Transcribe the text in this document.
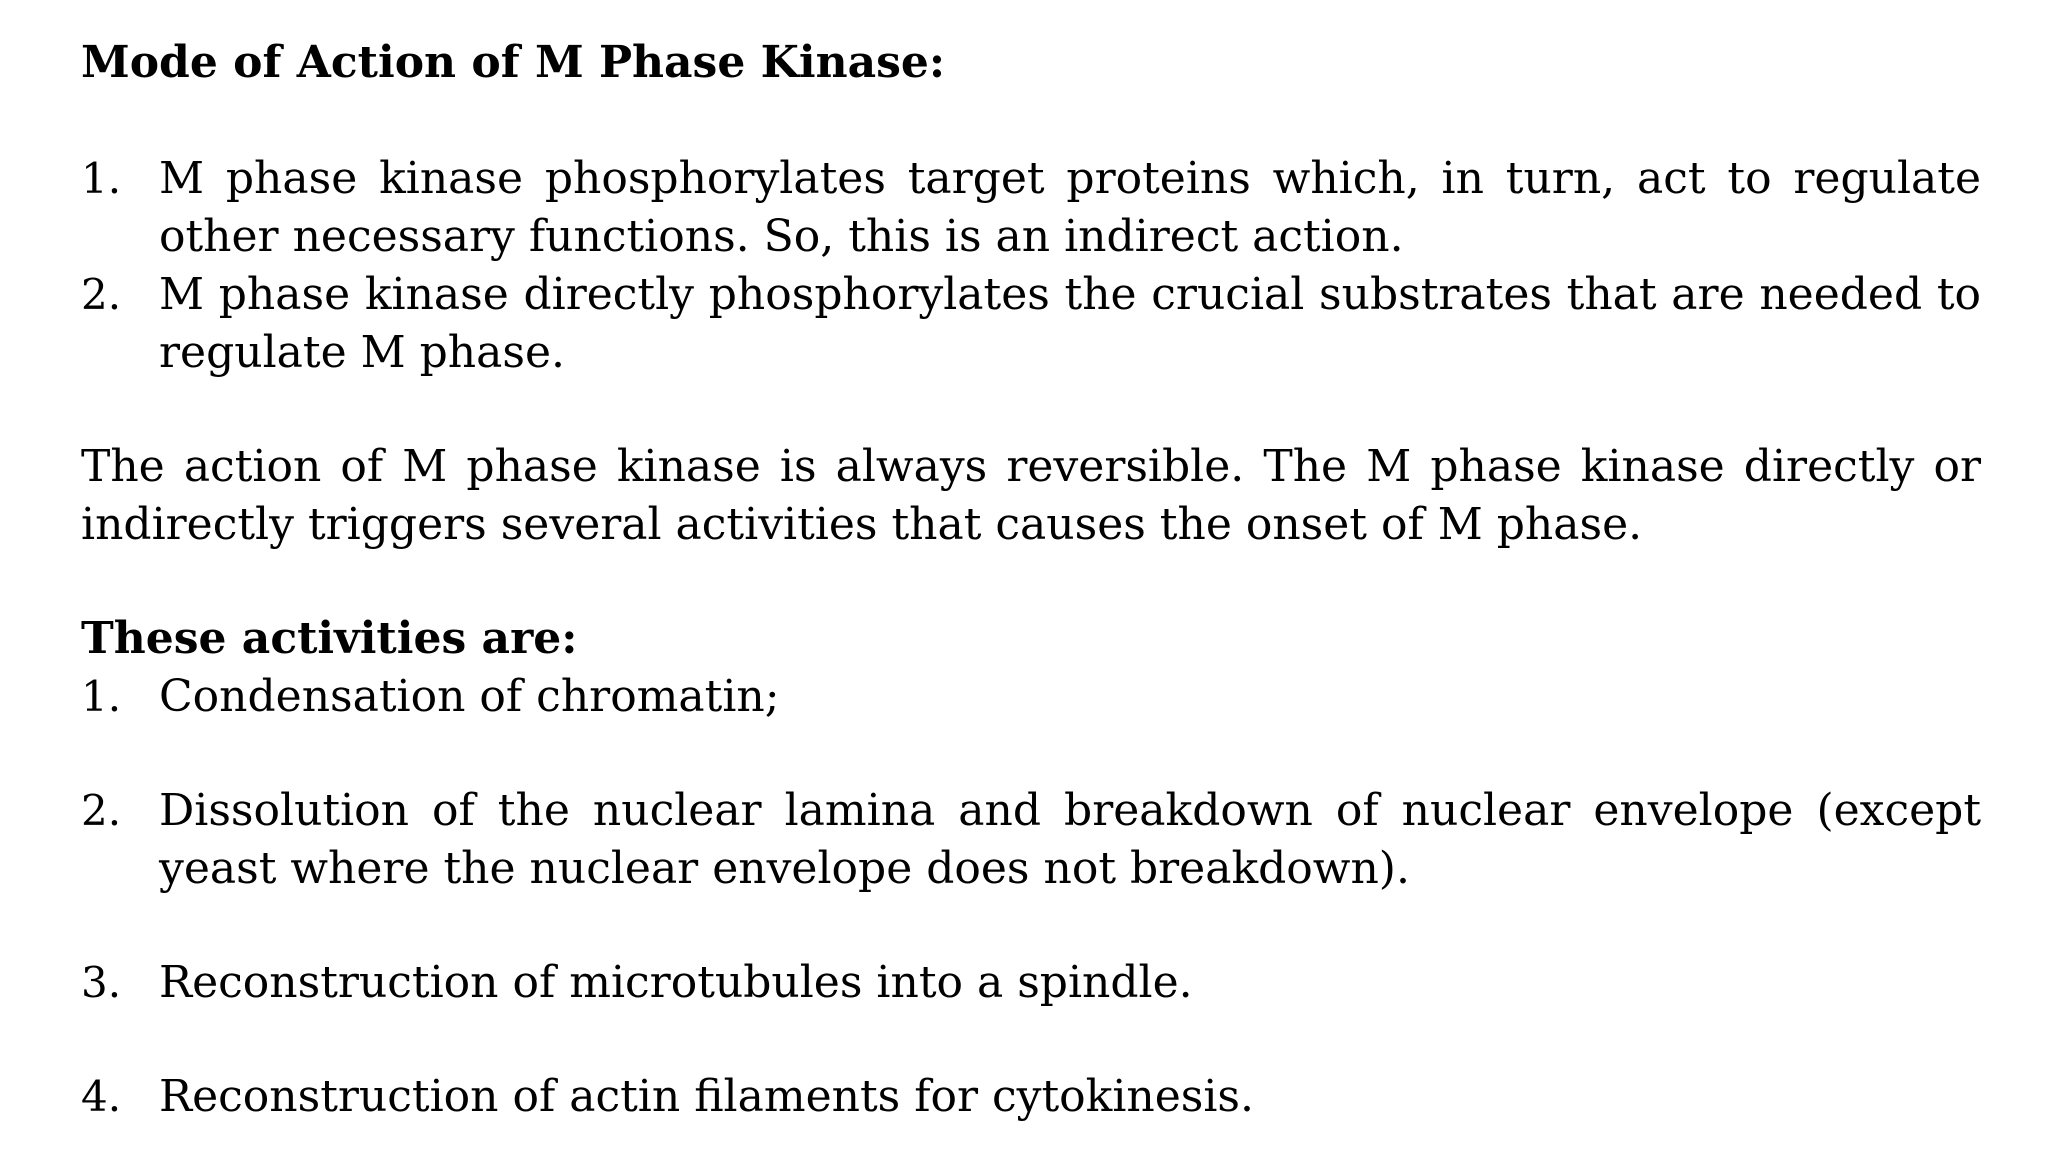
Mode of Action of M Phase Kinase:
1. M phase kinase phosphorylates target proteins which, in turn, act to regulate other necessary functions. So, this is an indirect action.
2. M phase kinase directly phosphorylates the crucial substrates that are needed to regulate M phase.

The action of M phase kinase is always reversible. The M phase kinase directly or indirectly triggers several activities that causes the onset of M phase.

These activities are:
1. Condensation of chromatin;
2. Dissolution of the nuclear lamina and breakdown of nuclear envelope (except yeast where the nuclear envelope does not breakdown).
3. Reconstruction of microtubules into a spindle.
4. Reconstruction of actin filaments for cytokinesis.
